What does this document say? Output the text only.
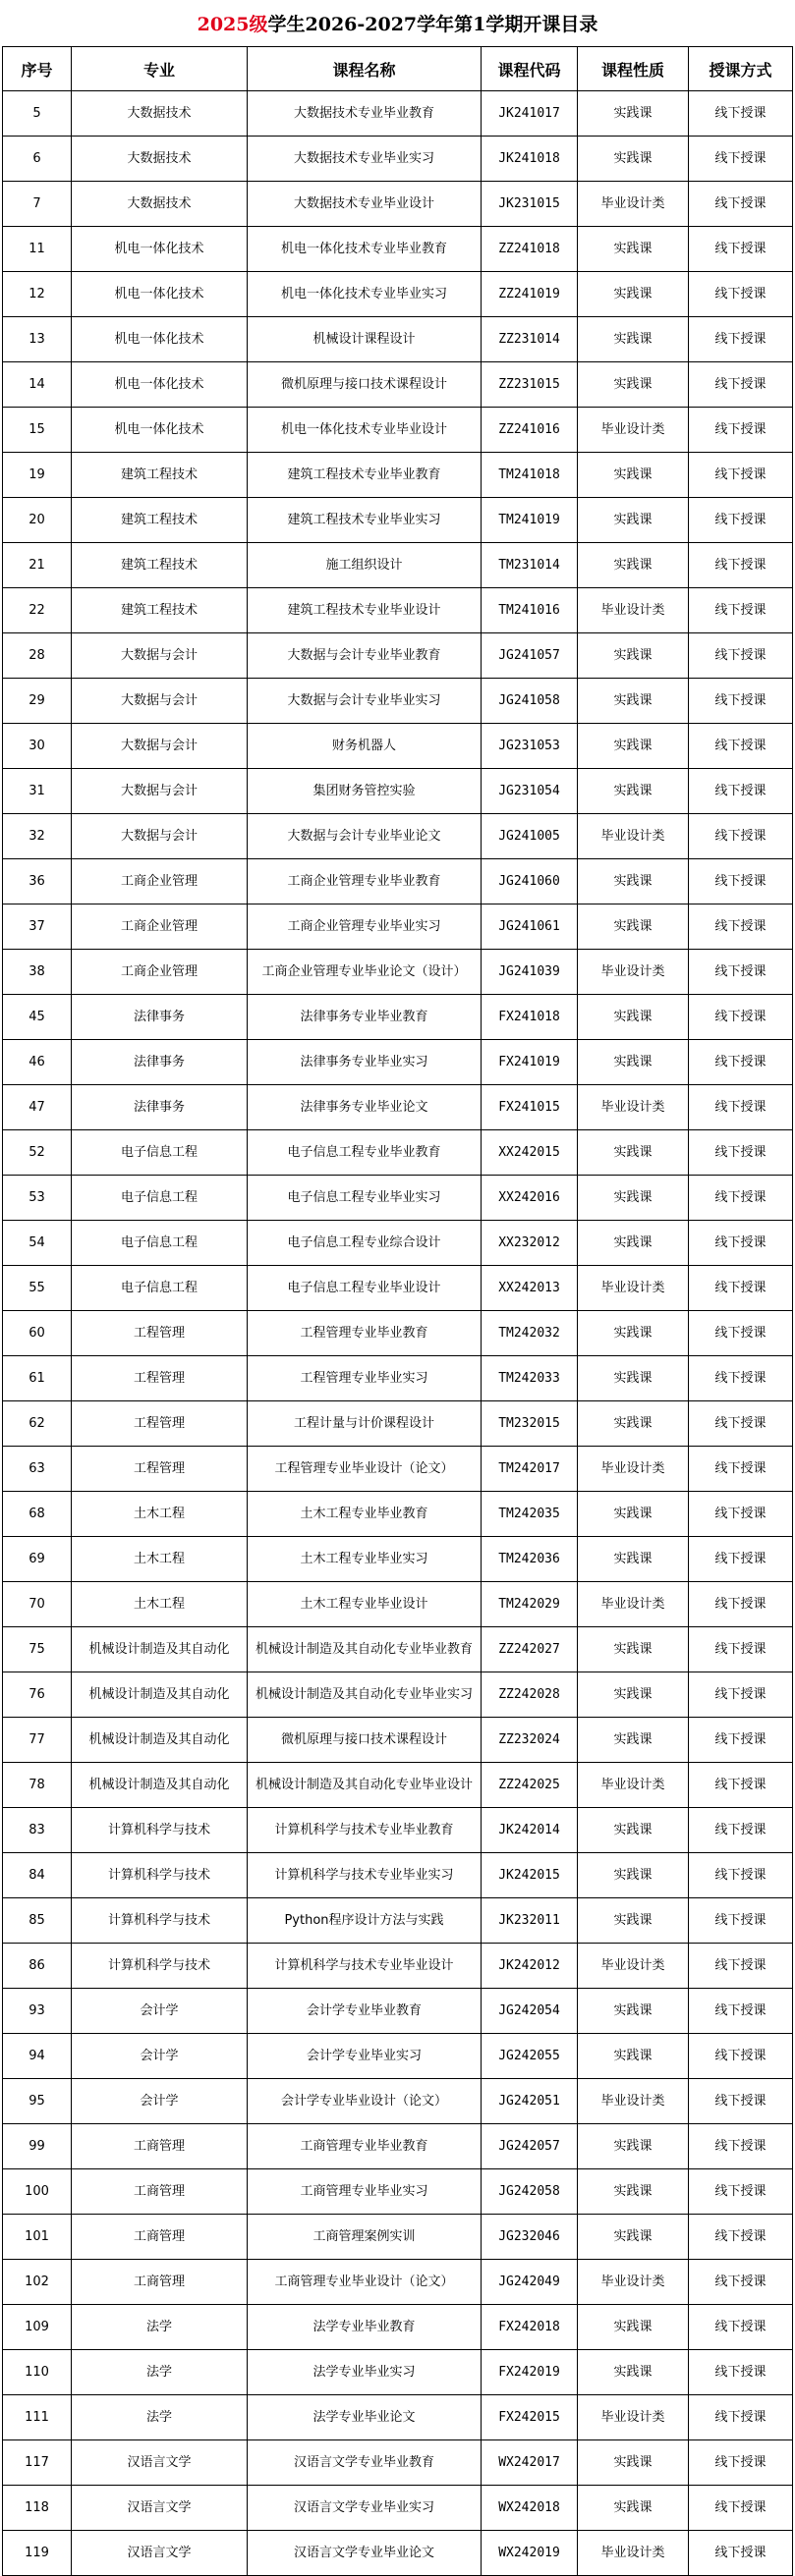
2025级 学生2026-2027学年第1学期开课目录
序号	专业	课程名称	课程代码	课程性质	授课方式
5	大数据技术	大数据技术专业毕业教育	JK241017	实践课	线下授课
6	大数据技术	大数据技术专业毕业实习	JK241018	实践课	线下授课
7	大数据技术	大数据技术专业毕业设计	JK231015	毕业设计类	线下授课
11	机电一体化技术	机电一体化技术专业毕业教育	ZZ241018	实践课	线下授课
12	机电一体化技术	机电一体化技术专业毕业实习	ZZ241019	实践课	线下授课
13	机电一体化技术	机械设计课程设计	ZZ231014	实践课	线下授课
14	机电一体化技术	微机原理与接口技术课程设计	ZZ231015	实践课	线下授课
15	机电一体化技术	机电一体化技术专业毕业设计	ZZ241016	毕业设计类	线下授课
19	建筑工程技术	建筑工程技术专业毕业教育	TM241018	实践课	线下授课
20	建筑工程技术	建筑工程技术专业毕业实习	TM241019	实践课	线下授课
21	建筑工程技术	施工组织设计	TM231014	实践课	线下授课
22	建筑工程技术	建筑工程技术专业毕业设计	TM241016	毕业设计类	线下授课
28	大数据与会计	大数据与会计专业毕业教育	JG241057	实践课	线下授课
29	大数据与会计	大数据与会计专业毕业实习	JG241058	实践课	线下授课
30	大数据与会计	财务机器人	JG231053	实践课	线下授课
31	大数据与会计	集团财务管控实验	JG231054	实践课	线下授课
32	大数据与会计	大数据与会计专业毕业论文	JG241005	毕业设计类	线下授课
36	工商企业管理	工商企业管理专业毕业教育	JG241060	实践课	线下授课
37	工商企业管理	工商企业管理专业毕业实习	JG241061	实践课	线下授课
38	工商企业管理	工商企业管理专业毕业论文（设计）	JG241039	毕业设计类	线下授课
45	法律事务	法律事务专业毕业教育	FX241018	实践课	线下授课
46	法律事务	法律事务专业毕业实习	FX241019	实践课	线下授课
47	法律事务	法律事务专业毕业论文	FX241015	毕业设计类	线下授课
52	电子信息工程	电子信息工程专业毕业教育	XX242015	实践课	线下授课
53	电子信息工程	电子信息工程专业毕业实习	XX242016	实践课	线下授课
54	电子信息工程	电子信息工程专业综合设计	XX232012	实践课	线下授课
55	电子信息工程	电子信息工程专业毕业设计	XX242013	毕业设计类	线下授课
60	工程管理	工程管理专业毕业教育	TM242032	实践课	线下授课
61	工程管理	工程管理专业毕业实习	TM242033	实践课	线下授课
62	工程管理	工程计量与计价课程设计	TM232015	实践课	线下授课
63	工程管理	工程管理专业毕业设计（论文）	TM242017	毕业设计类	线下授课
68	土木工程	土木工程专业毕业教育	TM242035	实践课	线下授课
69	土木工程	土木工程专业毕业实习	TM242036	实践课	线下授课
70	土木工程	土木工程专业毕业设计	TM242029	毕业设计类	线下授课
75	机械设计制造及其自动化	机械设计制造及其自动化专业毕业教育	ZZ242027	实践课	线下授课
76	机械设计制造及其自动化	机械设计制造及其自动化专业毕业实习	ZZ242028	实践课	线下授课
77	机械设计制造及其自动化	微机原理与接口技术课程设计	ZZ232024	实践课	线下授课
78	机械设计制造及其自动化	机械设计制造及其自动化专业毕业设计	ZZ242025	毕业设计类	线下授课
83	计算机科学与技术	计算机科学与技术专业毕业教育	JK242014	实践课	线下授课
84	计算机科学与技术	计算机科学与技术专业毕业实习	JK242015	实践课	线下授课
85	计算机科学与技术	Python程序设计方法与实践	JK232011	实践课	线下授课
86	计算机科学与技术	计算机科学与技术专业毕业设计	JK242012	毕业设计类	线下授课
93	会计学	会计学专业毕业教育	JG242054	实践课	线下授课
94	会计学	会计学专业毕业实习	JG242055	实践课	线下授课
95	会计学	会计学专业毕业设计（论文）	JG242051	毕业设计类	线下授课
99	工商管理	工商管理专业毕业教育	JG242057	实践课	线下授课
100	工商管理	工商管理专业毕业实习	JG242058	实践课	线下授课
101	工商管理	工商管理案例实训	JG232046	实践课	线下授课
102	工商管理	工商管理专业毕业设计（论文）	JG242049	毕业设计类	线下授课
109	法学	法学专业毕业教育	FX242018	实践课	线下授课
110	法学	法学专业毕业实习	FX242019	实践课	线下授课
111	法学	法学专业毕业论文	FX242015	毕业设计类	线下授课
117	汉语言文学	汉语言文学专业毕业教育	WX242017	实践课	线下授课
118	汉语言文学	汉语言文学专业毕业实习	WX242018	实践课	线下授课
119	汉语言文学	汉语言文学专业毕业论文	WX242019	毕业设计类	线下授课
